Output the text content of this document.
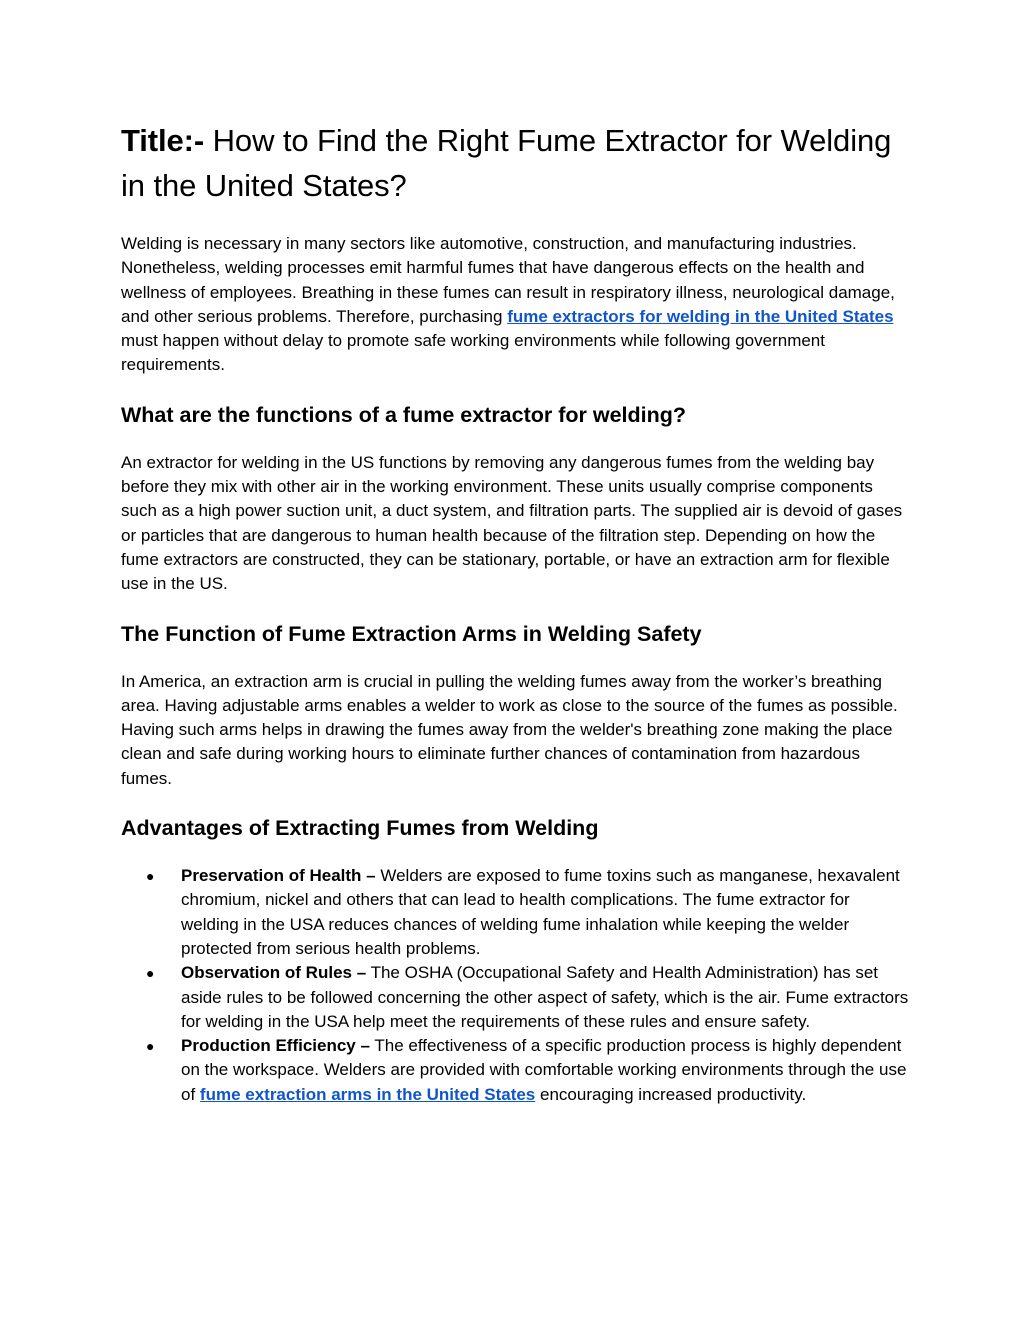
Title:- How to Find the Right Fume Extractor for Welding in the United States?

Welding is necessary in many sectors like automotive, construction, and manufacturing industries. Nonetheless, welding processes emit harmful fumes that have dangerous effects on the health and wellness of employees. Breathing in these fumes can result in respiratory illness, neurological damage, and other serious problems. Therefore, purchasing fume extractors for welding in the United States must happen without delay to promote safe working environments while following government requirements.

What are the functions of a fume extractor for welding?

An extractor for welding in the US functions by removing any dangerous fumes from the welding bay before they mix with other air in the working environment. These units usually comprise components such as a high power suction unit, a duct system, and filtration parts. The supplied air is devoid of gases or particles that are dangerous to human health because of the filtration step. Depending on how the fume extractors are constructed, they can be stationary, portable, or have an extraction arm for flexible use in the US.

The Function of Fume Extraction Arms in Welding Safety

In America, an extraction arm is crucial in pulling the welding fumes away from the worker’s breathing area. Having adjustable arms enables a welder to work as close to the source of the fumes as possible. Having such arms helps in drawing the fumes away from the welder's breathing zone making the place clean and safe during working hours to eliminate further chances of contamination from hazardous fumes.

Advantages of Extracting Fumes from Welding
● Preservation of Health – Welders are exposed to fume toxins such as manganese, hexavalent chromium, nickel and others that can lead to health complications. The fume extractor for welding in the USA reduces chances of welding fume inhalation while keeping the welder protected from serious health problems.
● Observation of Rules – The OSHA (Occupational Safety and Health Administration) has set aside rules to be followed concerning the other aspect of safety, which is the air. Fume extractors for welding in the USA help meet the requirements of these rules and ensure safety.
● Production Efficiency – The effectiveness of a specific production process is highly dependent on the workspace. Welders are provided with comfortable working environments through the use of fume extraction arms in the United States encouraging increased productivity.
